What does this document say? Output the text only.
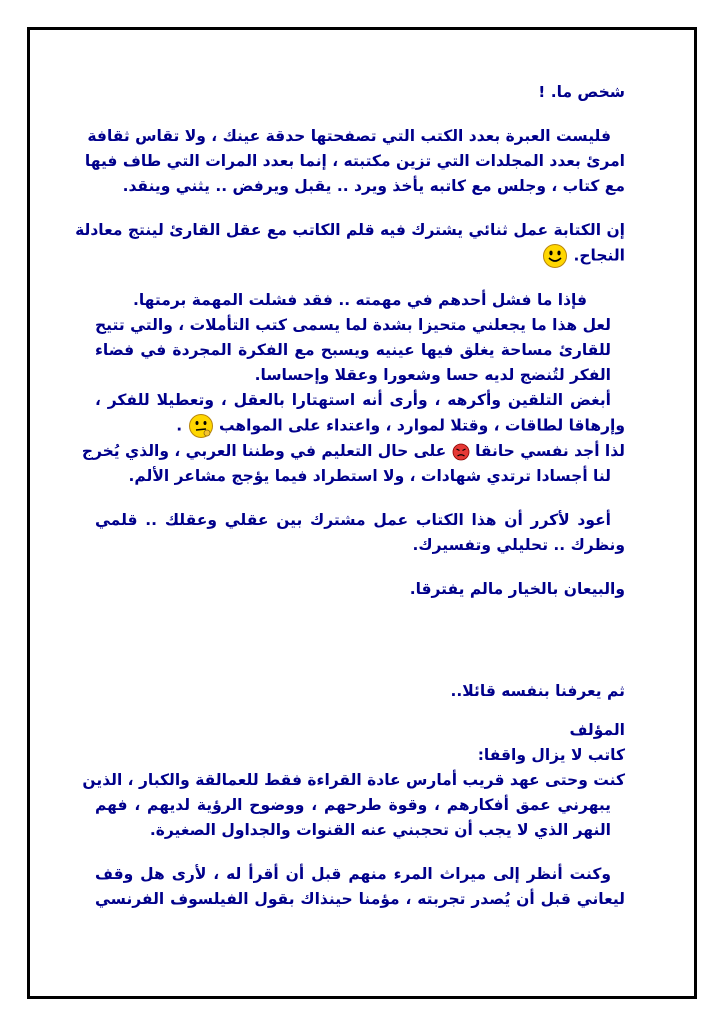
شخص ما. !
فليست العبرة بعدد الكتب التي تصفحتها حدقة عينك ، ولا تقاس ثقافة
امرئ بعدد المجلدات التي تزين مكتبته ، إنما بعدد المرات التي طاف فيها
مع كتاب ، وجلس مع كاتبه يأخذ ويرد .. يقبل ويرفض .. يثني وينقد.
إن الكتابة عمل ثنائي يشترك فيه قلم الكاتب مع عقل القارئ لينتج معادلة
النجاح.
فإذا ما فشل أحدهم في مهمته .. فقد فشلت المهمة برمتها.
لعل هذا ما يجعلني متحيزا بشدة لما يسمى كتب التأملات ، والتي تتيح
للقارئ مساحة يغلق فيها عينيه ويسبح مع الفكرة المجردة في فضاء
الفكر لتُنضج لديه حسا وشعورا وعقلا وإحساسا.
أبغض التلقين وأكرهه ، وأرى أنه استهتارا بالعقل ، وتعطيلا للفكر ،
وإرهاقا لطاقات ، وقتلا لموارد ، واعتداء على المواهب  .
لذا أجد نفسي حانقا  على حال التعليم في وطننا العربي ، والذي يُخرج
لنا أجسادا ترتدي شهادات ، ولا استطراد فيما يؤجج مشاعر الألم.
أعود لأكرر أن هذا الكتاب عمل مشترك بين عقلي وعقلك .. قلمي
ونظرك .. تحليلي وتفسيرك.
والبيعان بالخيار مالم يفترقا.
ثم يعرفنا بنفسه قائلا..
المؤلف
كاتب لا يزال واقفا:
كنت وحتى عهد قريب أمارس عادة القراءة فقط للعمالقة والكبار ، الذين
يبهرني عمق أفكارهم ، وقوة طرحهم ، ووضوح الرؤية لديهم ، فهم
النهر الذي لا يجب أن تحجبني عنه القنوات والجداول الصغيرة.
وكنت أنظر إلى ميراث المرء منهم قبل أن أقرأ له ، لأرى هل وقف
ليعاني قبل أن يُصدر تجربته ، مؤمنا حينذاك بقول الفيلسوف الفرنسي
